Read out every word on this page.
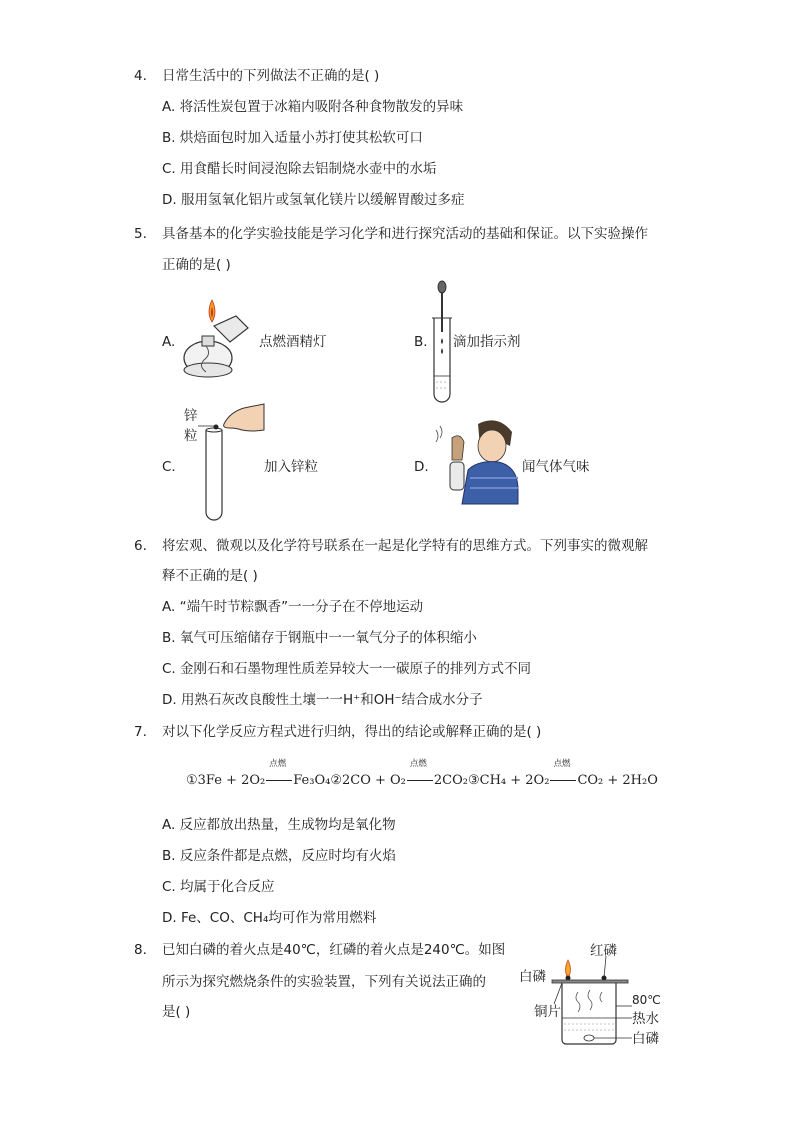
4. 日常生活中的下列做法不正确的是( )
A. 将活性炭包置于冰箱内吸附各种食物散发的异味
B. 烘焙面包时加入适量小苏打使其松软可口
C. 用食醋长时间浸泡除去铝制烧水壶中的水垢
D. 服用氢氧化铝片或氢氧化镁片以缓解胃酸过多症
5. 具备基本的化学实验技能是学习化学和进行探究活动的基础和保证。以下实验操作
正确的是( )
A.	点燃酒精灯	B. 滴加指示剂
C.
锌
粒
加入锌粒	D.	闻气体气味
6. 将宏观、微观以及化学符号联系在一起是化学特有的思维方式。下列事实的微观解
释不正确的是( )
A. “端午时节粽飘香”一一分子在不停地运动
B. 氧气可压缩储存于钢瓶中一一氧气分子的体积缩小
C. 金刚石和石墨物理性质差异较大一一碳原子的排列方式不同
D. 用熟石灰改良酸性土壤一一H⁺和OH⁻结合成水分子
7. 对以下化学反应方程式进行归纳，得出的结论或解释正确的是( )
①3Fe + 2O₂
点燃
Fe₃O₄②2CO + O₂
点燃
2CO₂③CH₄ + 2O₂
点燃
CO₂ + 2H₂O
A. 反应都放出热量，生成物均是氧化物
B. 反应条件都是点燃，反应时均有火焰
C. 均属于化合反应
D. Fe、CO、CH₄均可作为常用燃料
8. 已知白磷的着火点是40℃，红磷的着火点是240℃。如图
所示为探究燃烧条件的实验装置，下列有关说法正确的
是( )
红磷
白磷
铜片
80℃
热水
白磷
